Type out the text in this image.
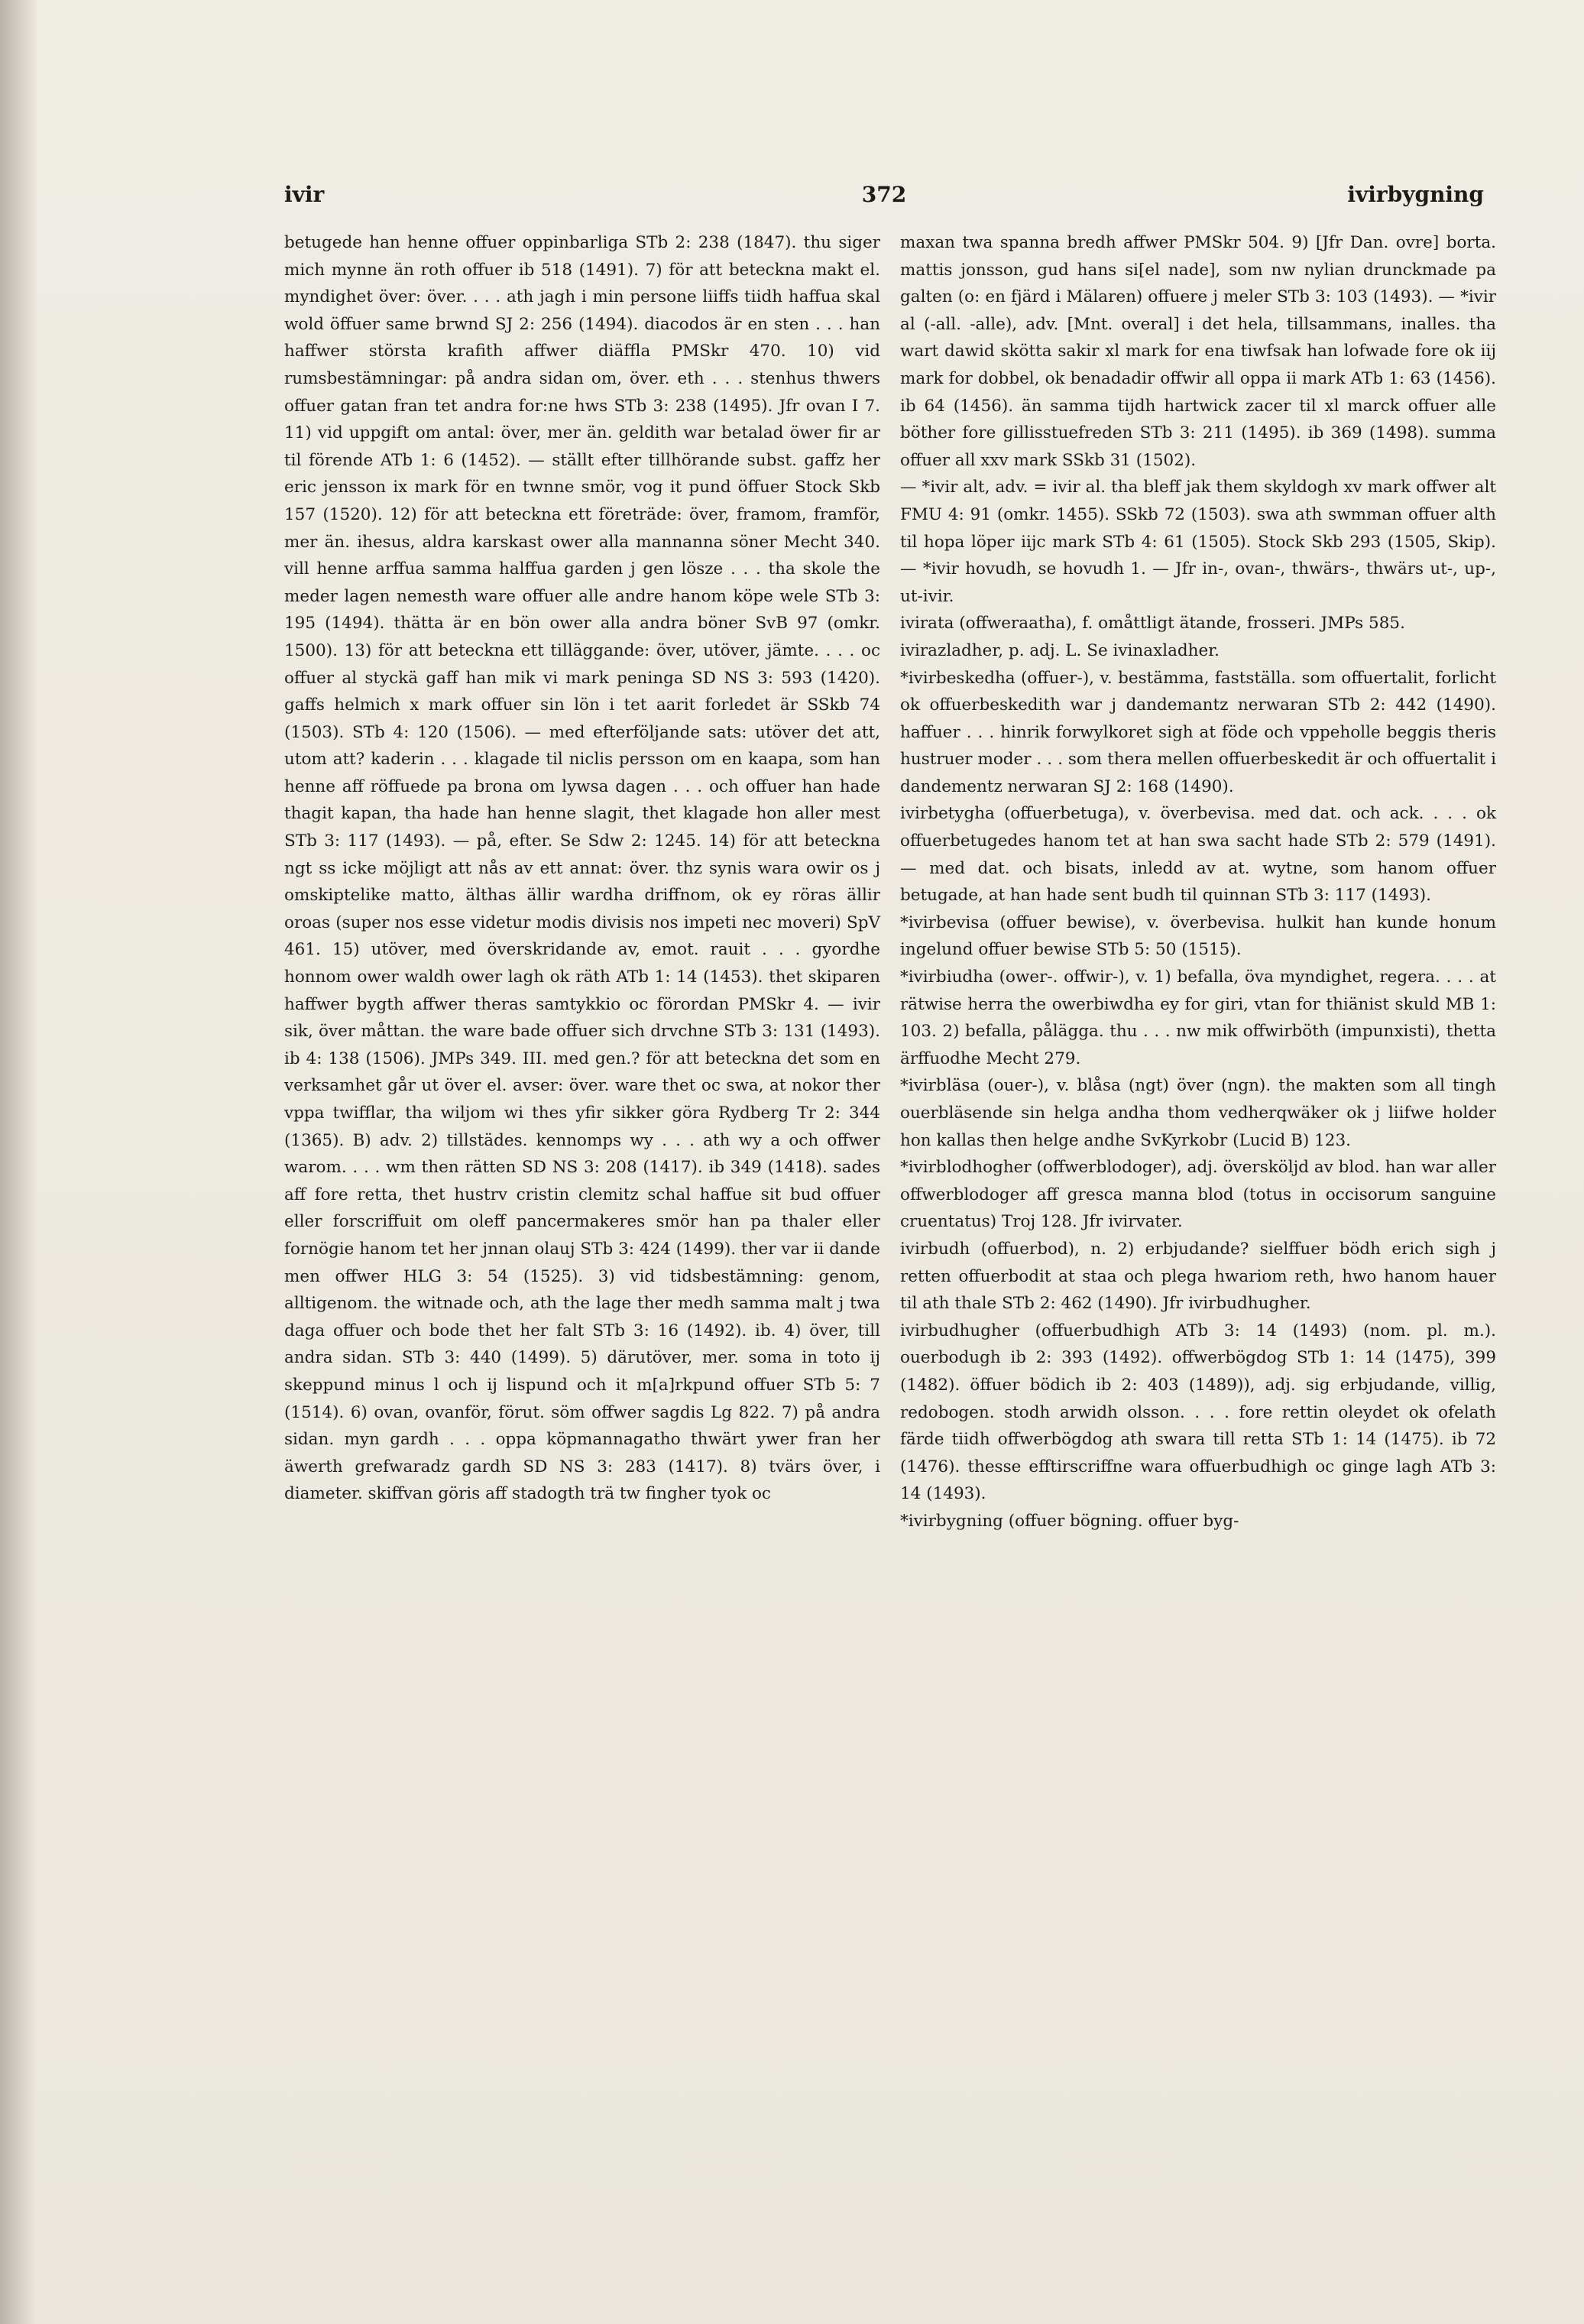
ivir	372	ivirbygning

betugede han henne offuer oppinbarliga STb 2: 238 (1847). thu siger mich mynne än roth offuer ib 518 (1491). 7) för att beteckna makt el. myndighet över: över. . . . ath jagh i min persone liiffs tiidh haffua skal wold öffuer same brwnd SJ 2: 256 (1494). diacodos är en sten . . . han haffwer största krafith affwer diäffla PMSkr 470. 10) vid rumsbestämningar: på andra sidan om, över. eth . . . stenhus thwers offuer gatan fran tet andra for:ne hws STb 3: 238 (1495). Jfr ovan I 7. 11) vid uppgift om antal: över, mer än. geldith war betalad öwer fir ar til förende ATb 1: 6 (1452). — ställt efter tillhörande subst. gaffz her eric jensson ix mark för en twnne smör, vog it pund öffuer Stock Skb 157 (1520). 12) för att beteckna ett företräde: över, framom, framför, mer än. ihesus, aldra karskast ower alla mannanna söner Mecht 340. vill henne arffua samma halffua garden j gen lösze . . . tha skole the meder lagen nemesth ware offuer alle andre hanom köpe wele STb 3: 195 (1494). thätta är en bön ower alla andra böner SvB 97 (omkr. 1500). 13) för att beteckna ett tilläggande: över, utöver, jämte. . . . oc offuer al styckä gaff han mik vi mark peninga SD NS 3: 593 (1420). gaffs helmich x mark offuer sin lön i tet aarit forledet är SSkb 74 (1503). STb 4: 120 (1506). — med efterföljande sats: utöver det att, utom att? kaderin . . . klagade til niclis persson om en kaapa, som han henne aff röffuede pa brona om lywsa dagen . . . och offuer han hade thagit kapan, tha hade han henne slagit, thet klagade hon aller mest STb 3: 117 (1493). — på, efter. Se Sdw 2: 1245. 14) för att beteckna ngt ss icke möjligt att nås av ett annat: över. thz synis wara owir os j omskiptelike matto, älthas ällir wardha driffnom, ok ey röras ällir oroas (super nos esse videtur modis divisis nos impeti nec moveri) SpV 461. 15) utöver, med överskridande av, emot. rauit . . . gyordhe honnom ower waldh ower lagh ok räth ATb 1: 14 (1453). thet skiparen haffwer bygth affwer theras samtykkio oc förordan PMSkr 4. — ivir sik, över måttan. the ware bade offuer sich drvchne STb 3: 131 (1493). ib 4: 138 (1506). JMPs 349. III. med gen.? för att beteckna det som en verksamhet går ut över el. avser: över. ware thet oc swa, at nokor ther vppa twifflar, tha wiljom wi thes yfir sikker göra Rydberg Tr 2: 344 (1365). B) adv. 2) tillstädes. kennomps wy . . . ath wy a och offwer warom. . . . wm then rätten SD NS 3: 208 (1417). ib 349 (1418). sades aff fore retta, thet hustrv cristin clemitz schal haffue sit bud offuer eller forscriffuit om oleff pancermakeres smör han pa thaler eller fornögie hanom tet her jnnan olauj STb 3: 424 (1499). ther var ii dande men offwer HLG 3: 54 (1525). 3) vid tidsbestämning: genom, alltigenom. the witnade och, ath the lage ther medh samma malt j twa daga offuer och bode thet her falt STb 3: 16 (1492). ib. 4) över, till andra sidan. STb 3: 440 (1499). 5) därutöver, mer. soma in toto ij skeppund minus l och ij lispund och it m[a]rkpund offuer STb 5: 7 (1514). 6) ovan, ovanför, förut. söm offwer sagdis Lg 822. 7) på andra sidan. myn gardh . . . oppa köpmannagatho thwärt ywer fran her äwerth grefwaradz gardh SD NS 3: 283 (1417). 8) tvärs över, i diameter. skiffvan göris aff stadogth trä tw fingher tyok oc

maxan twa spanna bredh affwer PMSkr 504. 9) [Jfr Dan. ovre] borta. mattis jonsson, gud hans si[el nade], som nw nylian drunckmade pa galten (o: en fjärd i Mälaren) offuere j meler STb 3: 103 (1493). — *ivir al (-all. -alle), adv. [Mnt. overal] i det hela, tillsammans, inalles. tha wart dawid skötta sakir xl mark for ena tiwfsak han lofwade fore ok iij mark for dobbel, ok benadadir offwir all oppa ii mark ATb 1: 63 (1456). ib 64 (1456). än samma tijdh hartwick zacer til xl marck offuer alle böther fore gillisstuefreden STb 3: 211 (1495). ib 369 (1498). summa offuer all xxv mark SSkb 31 (1502).

— *ivir alt, adv. = ivir al. tha bleff jak them skyldogh xv mark offwer alt FMU 4: 91 (omkr. 1455). SSkb 72 (1503). swa ath swmman offuer alth til hopa löper iijc mark STb 4: 61 (1505). Stock Skb 293 (1505, Skip). — *ivir hovudh, se hovudh 1. — Jfr in-, ovan-, thwärs-, thwärs ut-, up-, ut-ivir.

ivirata (offweraatha), f. omåttligt ätande, frosseri. JMPs 585.

ivirazladher, p. adj. L. Se ivinaxladher.

*ivirbeskedha (offuer-), v. bestämma, fastställa. som offuertalit, forlicht ok offuerbeskedith war j dandemantz nerwaran STb 2: 442 (1490). haffuer . . . hinrik forwylkoret sigh at föde och vppeholle beggis theris hustruer moder . . . som thera mellen offuerbeskedit är och offuertalit i dandementz nerwaran SJ 2: 168 (1490).

ivirbetygha (offuerbetuga), v. överbevisa. med dat. och ack. . . . ok offuerbetugedes hanom tet at han swa sacht hade STb 2: 579 (1491). — med dat. och bisats, inledd av at. wytne, som hanom offuer betugade, at han hade sent budh til quinnan STb 3: 117 (1493).

*ivirbevisa (offuer bewise), v. överbevisa. hulkit han kunde honum ingelund offuer bewise STb 5: 50 (1515).

*ivirbiudha (ower-. offwir-), v. 1) befalla, öva myndighet, regera. . . . at rätwise herra the owerbiwdha ey for giri, vtan for thiänist skuld MB 1: 103. 2) befalla, pålägga. thu . . . nw mik offwirböth (impunxisti), thetta ärffuodhe Mecht 279.

*ivirbläsa (ouer-), v. blåsa (ngt) över (ngn). the makten som all tingh ouerbläsende sin helga andha thom vedherqwäker ok j liifwe holder hon kallas then helge andhe SvKyrkobr (Lucid B) 123.

*ivirblodhogher (offwerblodoger), adj. översköljd av blod. han war aller offwerblodoger aff gresca manna blod (totus in occisorum sanguine cruentatus) Troj 128. Jfr ivirvater.

ivirbudh (offuerbod), n. 2) erbjudande? sielffuer bödh erich sigh j retten offuerbodit at staa och plega hwariom reth, hwo hanom hauer til ath thale STb 2: 462 (1490). Jfr ivirbudhugher.

ivirbudhugher (offuerbudhigh ATb 3: 14 (1493) (nom. pl. m.). ouerbodugh ib 2: 393 (1492). offwerbögdog STb 1: 14 (1475), 399 (1482). öffuer bödich ib 2: 403 (1489)), adj. sig erbjudande, villig, redobogen. stodh arwidh olsson. . . . fore rettin oleydet ok ofelath färde tiidh offwerbögdog ath swara till retta STb 1: 14 (1475). ib 72 (1476). thesse efftirscriffne wara offuerbudhigh oc ginge lagh ATb 3: 14 (1493).

*ivirbygning (offuer bögning. offuer byg-
